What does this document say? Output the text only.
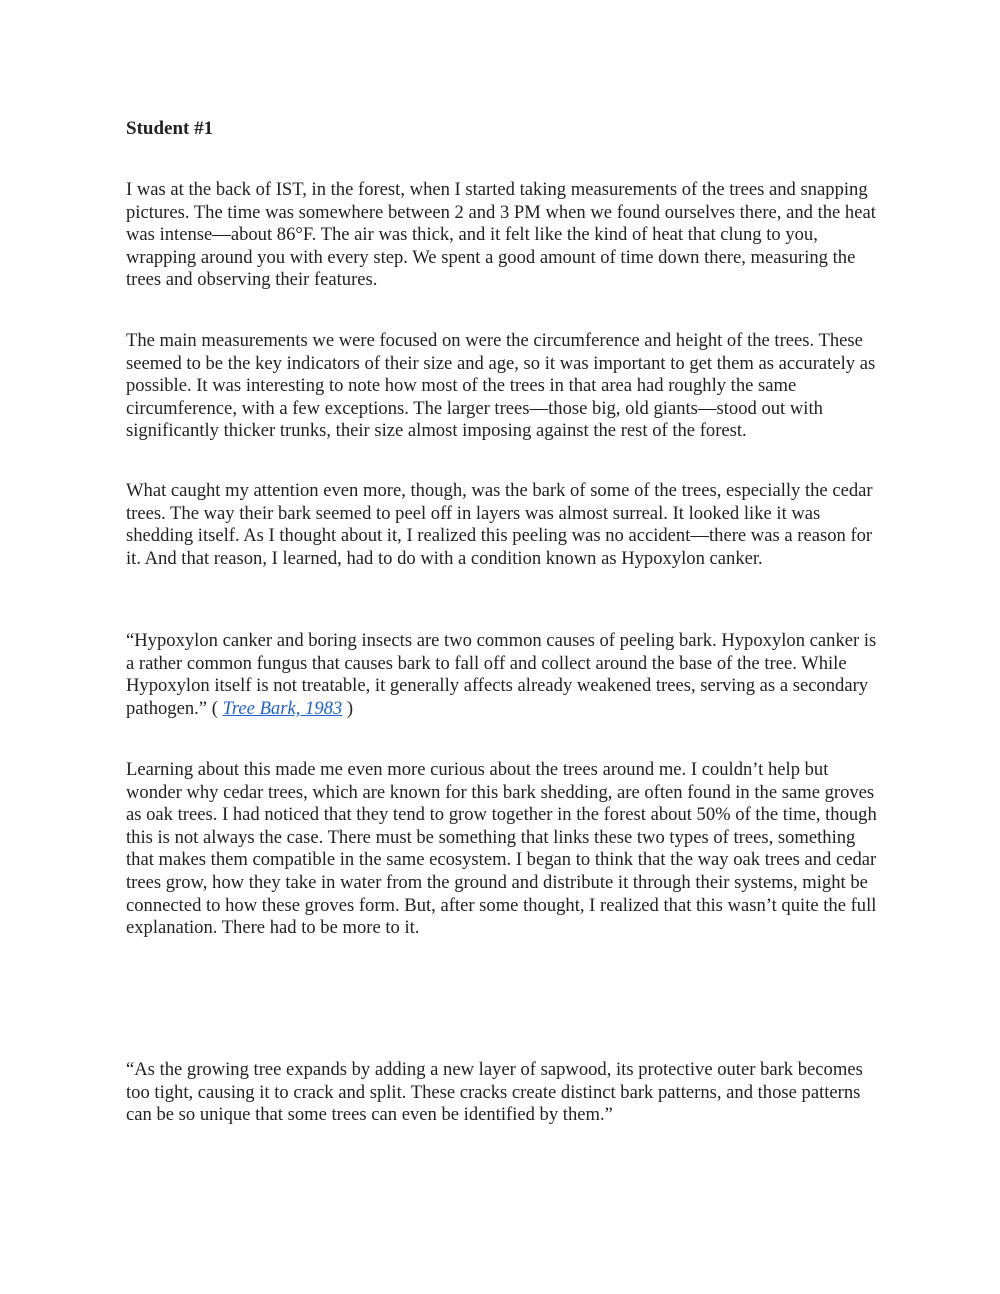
Student #1

I was at the back of IST, in the forest, when I started taking measurements of the trees and snapping pictures. The time was somewhere between 2 and 3 PM when we found ourselves there, and the heat was intense—about 86°F. The air was thick, and it felt like the kind of heat that clung to you, wrapping around you with every step. We spent a good amount of time down there, measuring the trees and observing their features.

The main measurements we were focused on were the circumference and height of the trees. These seemed to be the key indicators of their size and age, so it was important to get them as accurately as possible. It was interesting to note how most of the trees in that area had roughly the same circumference, with a few exceptions. The larger trees—those big, old giants—stood out with significantly thicker trunks, their size almost imposing against the rest of the forest.

What caught my attention even more, though, was the bark of some of the trees, especially the cedar trees. The way their bark seemed to peel off in layers was almost surreal. It looked like it was shedding itself. As I thought about it, I realized this peeling was no accident—there was a reason for it. And that reason, I learned, had to do with a condition known as Hypoxylon canker.

“Hypoxylon canker and boring insects are two common causes of peeling bark. Hypoxylon canker is a rather common fungus that causes bark to fall off and collect around the base of the tree. While Hypoxylon itself is not treatable, it generally affects already weakened trees, serving as a secondary pathogen.” ( Tree Bark, 1983 )

Learning about this made me even more curious about the trees around me. I couldn’t help but wonder why cedar trees, which are known for this bark shedding, are often found in the same groves as oak trees. I had noticed that they tend to grow together in the forest about 50% of the time, though this is not always the case. There must be something that links these two types of trees, something that makes them compatible in the same ecosystem. I began to think that the way oak trees and cedar trees grow, how they take in water from the ground and distribute it through their systems, might be connected to how these groves form. But, after some thought, I realized that this wasn’t quite the full explanation. There had to be more to it.

“As the growing tree expands by adding a new layer of sapwood, its protective outer bark becomes too tight, causing it to crack and split. These cracks create distinct bark patterns, and those patterns can be so unique that some trees can even be identified by them.”
